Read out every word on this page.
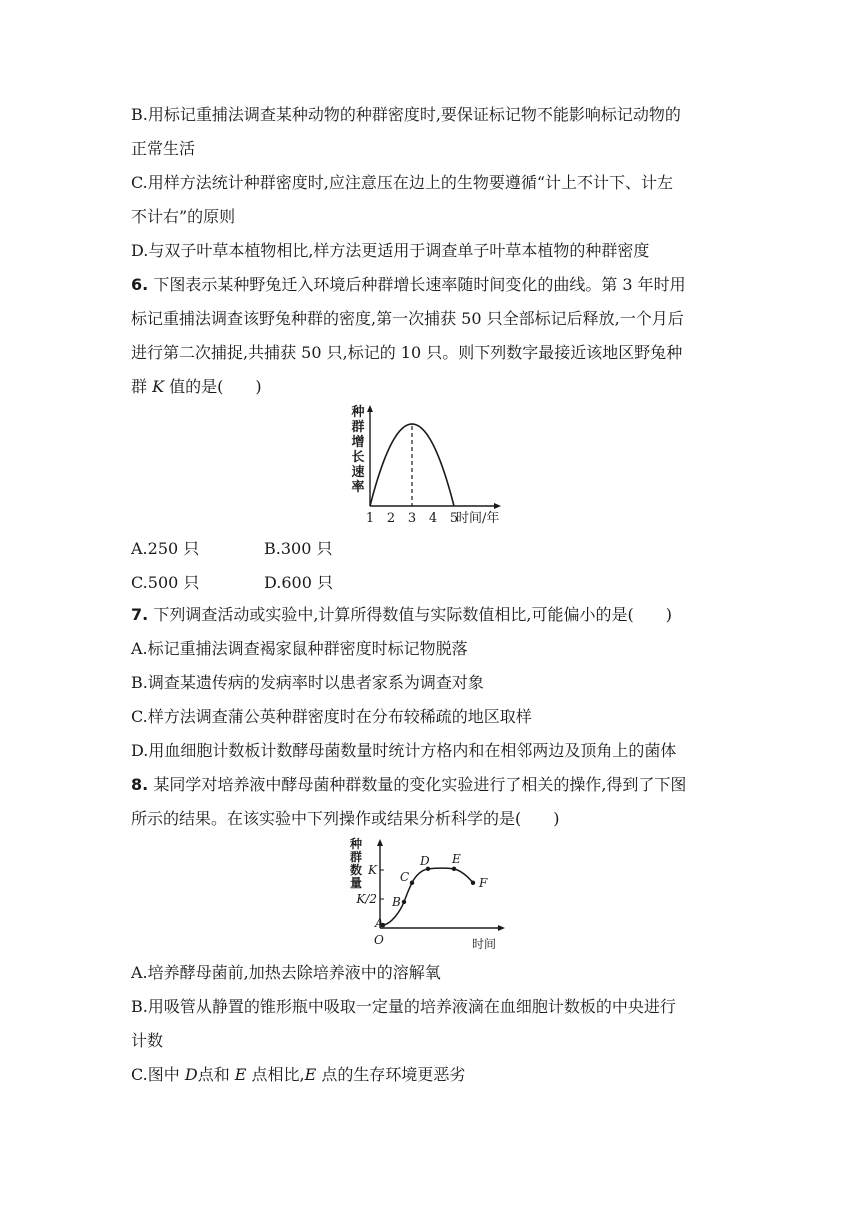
B.用标记重捕法调查某种动物的种群密度时,要保证标记物不能影响标记动物的
正常生活
C.用样方法统计种群密度时,应注意压在边上的生物要遵循“计上不计下、计左
不计右”的原则
D.与双子叶草本植物相比,样方法更适用于调查单子叶草本植物的种群密度
6. 下图表示某种野兔迁入环境后种群增长速率随时间变化的曲线。第 3 年时用
标记重捕法调查该野兔种群的密度,第一次捕获 50 只全部标记后释放,一个月后
进行第二次捕捉,共捕获 50 只,标记的 10 只。则下列数字最接近该地区野兔种
群 K 值的是(　　)
种
群
增
长
速
率
1 2 3 4 5
时间/年
A.250 只	B.300 只
C.500 只	D.600 只
7. 下列调查活动或实验中,计算所得数值与实际数值相比,可能偏小的是(　　)
A.标记重捕法调查褐家鼠种群密度时标记物脱落
B.调查某遗传病的发病率时以患者家系为调查对象
C.样方法调查蒲公英种群密度时在分布较稀疏的地区取样
D.用血细胞计数板计数酵母菌数量时统计方格内和在相邻两边及顶角上的菌体
8. 某同学对培养液中酵母菌种群数量的变化实验进行了相关的操作,得到了下图
所示的结果。在该实验中下列操作或结果分析科学的是(　　)
种
群
数
量
O	时间
K/2
K
A
B
C
D E
F
A.培养酵母菌前,加热去除培养液中的溶解氧
B.用吸管从静置的锥形瓶中吸取一定量的培养液滴在血细胞计数板的中央进行
计数
C.图中 D点和 E 点相比,E 点的生存环境更恶劣
